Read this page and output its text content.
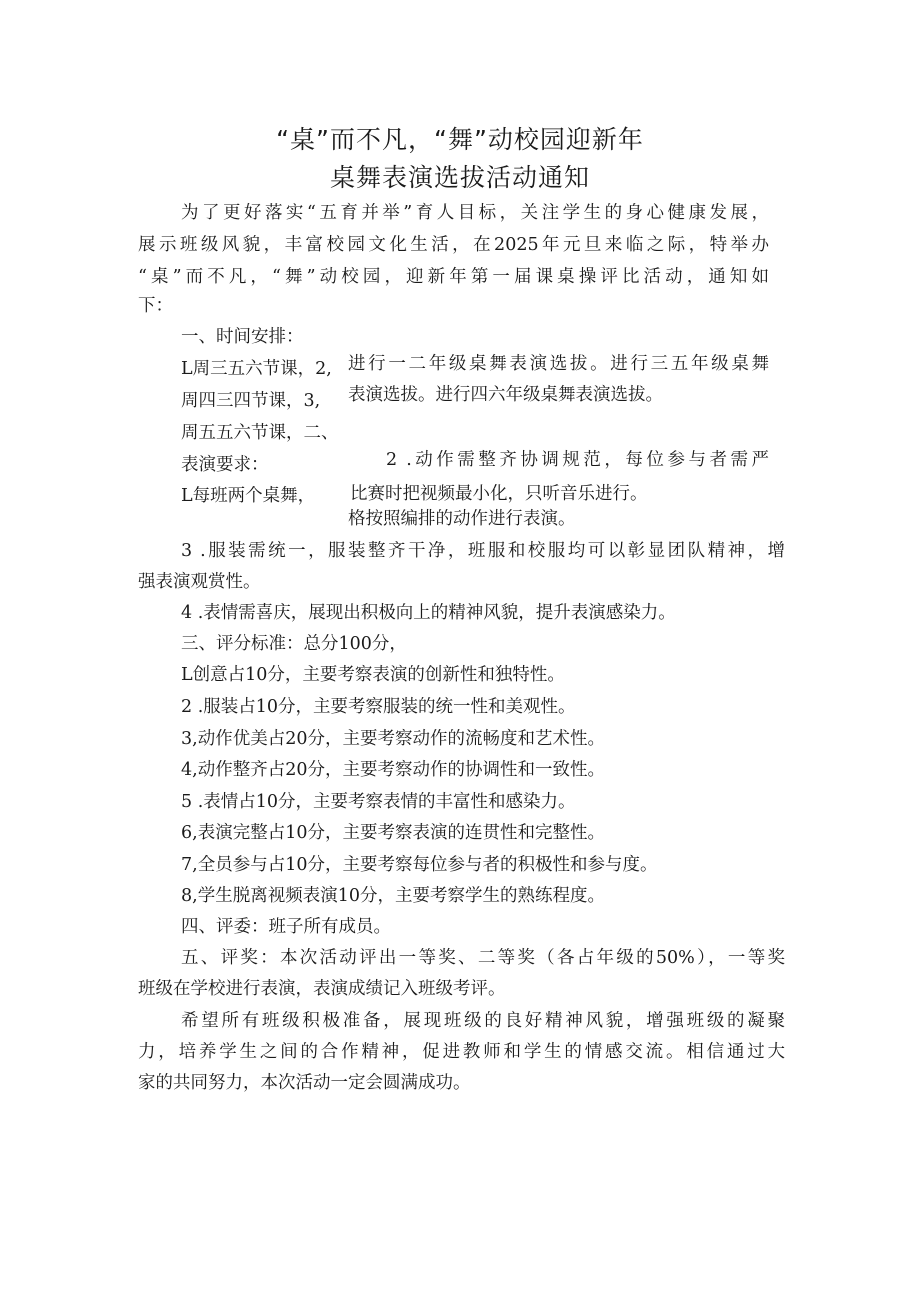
“桌”而不凡，“舞”动校园迎新年
桌舞表演选拔活动通知
为了更好落实“五育并举”育人目标，关注学生的身心健康发展，
展示班级风貌，丰富校园文化生活，在2025年元旦来临之际，特举办
“桌”而不凡，“舞”动校园，迎新年第一届课桌操评比活动，通知如
下：
一、时间安排：
L周三五六节课，2,
周四三四节课，3,
周五五六节课，二、
进行一二年级桌舞表演选拔。进行三五年级桌舞
表演选拔。进行四六年级桌舞表演选拔。
表演要求：
L每班两个桌舞，
2 .动作需整齐协调规范，每位参与者需严
比赛时把视频最小化，只听音乐进行。
格按照编排的动作进行表演。
3 .服装需统一，服装整齐干净，班服和校服均可以彰显团队精神，增
强表演观赏性。
4 .表情需喜庆，展现出积极向上的精神风貌，提升表演感染力。
三、评分标准：总分100分，
L创意占10分，主要考察表演的创新性和独特性。
2 .服装占10分，主要考察服装的统一性和美观性。
3,动作优美占20分，主要考察动作的流畅度和艺术性。
4,动作整齐占20分，主要考察动作的协调性和一致性。
5 .表情占10分，主要考察表情的丰富性和感染力。
6,表演完整占10分，主要考察表演的连贯性和完整性。
7,全员参与占10分，主要考察每位参与者的积极性和参与度。
8,学生脱离视频表演10分，主要考察学生的熟练程度。
四、评委：班子所有成员。
五、评奖：本次活动评出一等奖、二等奖（各占年级的50%），一等奖
班级在学校进行表演，表演成绩记入班级考评。
希望所有班级积极准备，展现班级的良好精神风貌，增强班级的凝聚
力，培养学生之间的合作精神，促进教师和学生的情感交流。相信通过大
家的共同努力，本次活动一定会圆满成功。
